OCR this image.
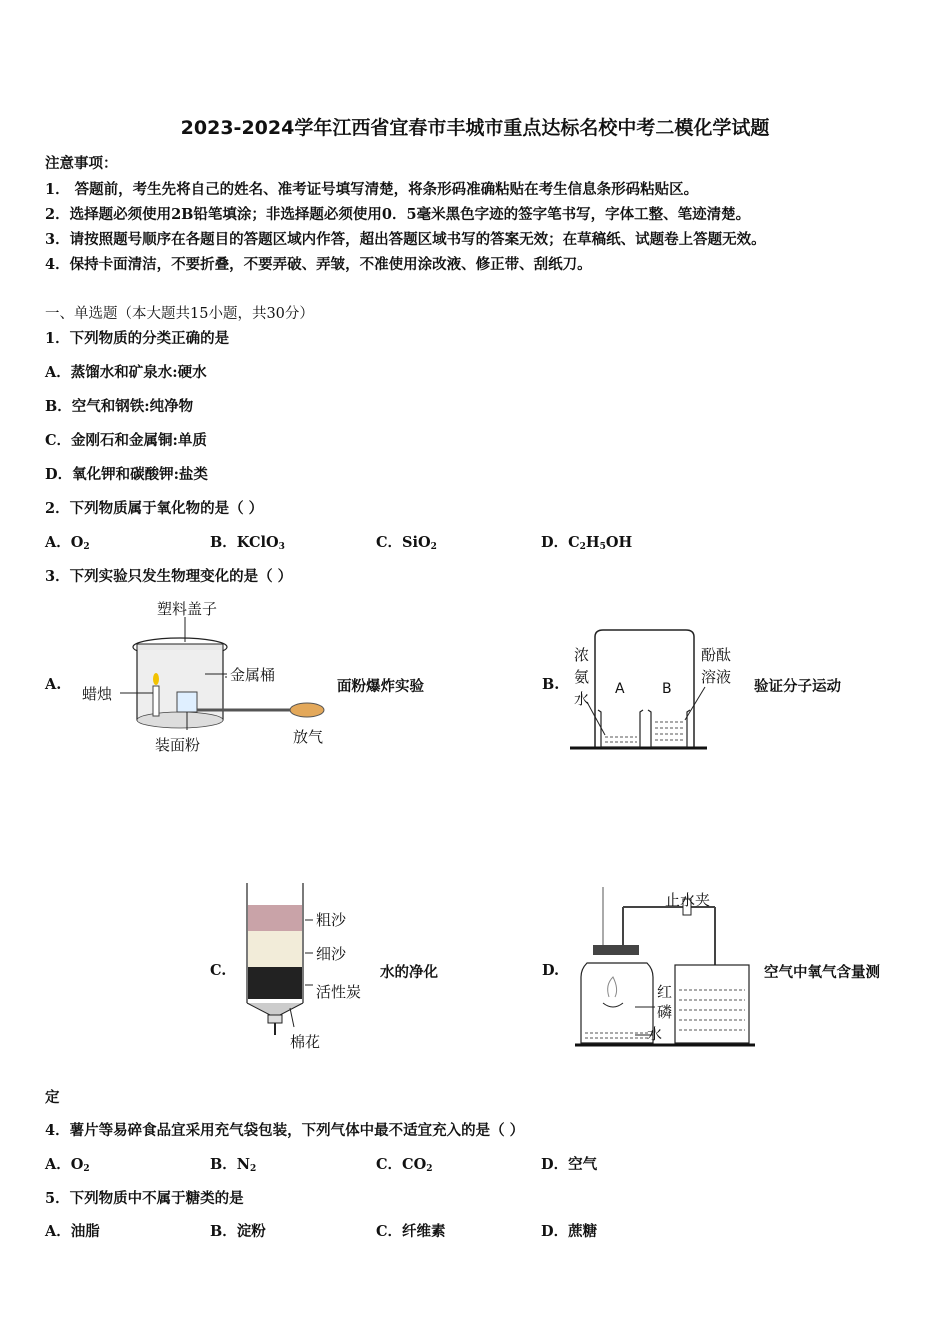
2023-2024学年江西省宜春市丰城市重点达标名校中考二模化学试题
注意事项：
1． 答题前，考生先将自己的姓名、准考证号填写清楚，将条形码准确粘贴在考生信息条形码粘贴区。
2．选择题必须使用2B铅笔填涂；非选择题必须使用0．5毫米黑色字迹的签字笔书写，字体工整、笔迹清楚。
3．请按照题号顺序在各题目的答题区域内作答，超出答题区域书写的答案无效；在草稿纸、试题卷上答题无效。
4．保持卡面清洁，不要折叠，不要弄破、弄皱，不准使用涂改液、修正带、刮纸刀。
一、单选题（本大题共15小题，共30分）
1．下列物质的分类正确的是
A．蒸馏水和矿泉水:硬水
B．空气和钢铁:纯净物
C．金刚石和金属铜:单质
D．氧化钾和碳酸钾:盐类
2．下列物质属于氧化物的是（ ）
A．$O_2$	B．KClO$_3$	C．SiO$_2$	D．$C_2H_5OH$
3．下列实验只发生物理变化的是（ ）
A.	面粉爆炸实验
塑料盖子
金属桶
蜡烛
装面粉	放气
B.	验证分子运动
浓
氨
水
酚酞
溶液
A	B
C.	水的净化
粗沙
细沙
活性炭
棉花
D.	空气中氧气含量测
止水夹
红
磷
水
定
4．薯片等易碎食品宜采用充气袋包装，下列气体中最不适宜充入的是（ ）
A．$O_2$	B．$N_2$	C．$CO_2$	D．空气
5．下列物质中不属于糖类的是
A．油脂	B．淀粉	C．纤维素	D．蔗糖
